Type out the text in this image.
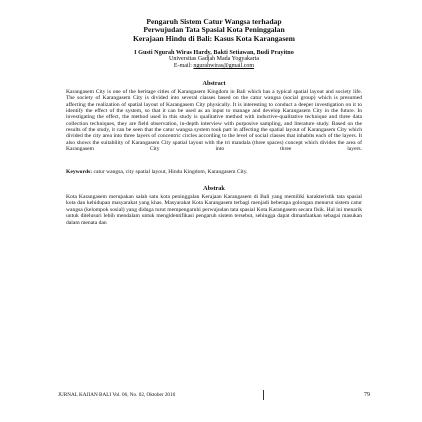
Pengaruh Sistem Catur Wangsa terhadap
Perwujudan Tata Spasial Kota Peninggalan
Kerajaan Hindu di Bali: Kasus Kota Karangasem
I Gusti Ngurah Wiras Hardy, Bakti Setiawan, Budi Prayitno
Universitas Gadjah Mada Yogyakarta
E-mail: ngurahwiras@gmail.com
Abstract

Karangasem City is one of the heritage cities of Karangasem Kingdom in Bali which has a typical spatial layout and society life. The society of Karangasem City is divided into several classes based on the catur wangsa (social group) which is presumed affecting the realization of spatial layout of Karangasem City physically. It is interesting to conduct a deeper investigation on it to identify the effect of the system, so that it can be used as an input to manage and develop Karangasem City in the future. In investigating the effect, the method used in this study is qualitative method with inductive-qualitative technique and three data collection techniques, they are field observation, in-depth interview with purposive sampling, and literature study. Based on the results of the study, it can be seen that the catur wangsa system took part in affecting the spatial layout of Karangasem City which divided the city area into three layers of concentric circles according to the level of social classes that inhabits each of the layers. It also shows the suitability of Karangasem City spatial layout with the tri mandala (three spaces) concept which divides the area of Karangasem City into three layers.

Keywords: catur wangsa, city spatial layout, Hindu Kingdom, Karangasem City.
Abstrak

Kota Karangasem merupakan salah satu kota peninggalan Kerajaan Karangasem di Bali yang memiliki karakteristik tata spasial kota dan kehidupan masyarakat yang khas. Masyarakat Kota Karangasem terbagi menjadi beberapa golongan menurut sistem catur wangsa (kelompok sosial) yang diduga turut mempengaruhi perwujudan tata spasial Kota Karangasem secara fisik. Hal ini menarik untuk ditelusuri lebih mendalam untuk mengidentifikasi pengaruh sistem tersebut, sehingga dapat dimanfaatkan sebagai masukan dalam menata dan

JURNAL KAJIAN BALI Vol. 06, No. 02, Oktober 2016	79
